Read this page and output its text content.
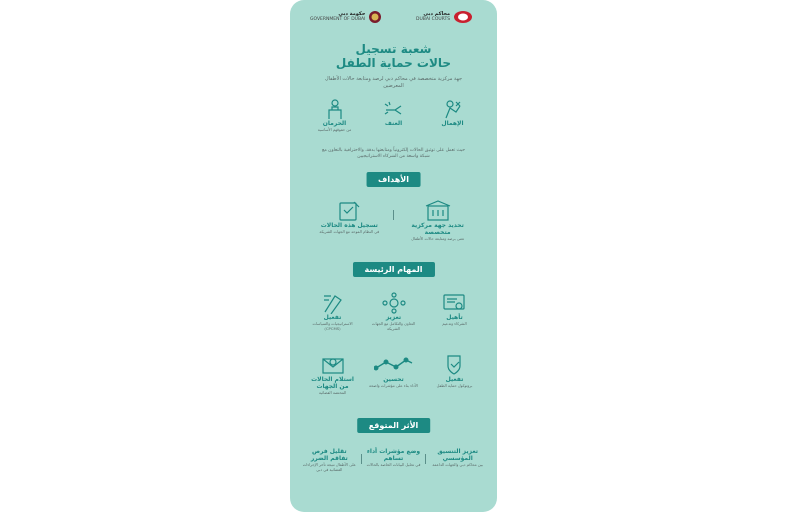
حكومة دبي
GOVERNMENT OF DUBAI
محاكم دبي
DUBAI COURTS
شعبة تسجيل
حالات حماية الطفل
جهة مركزية متخصصة في محاكم دبي لرصد ومتابعة حالات الأطفال المعرضين
الإهمال
العنف
الحرمان
من حقوقهم الأساسية
حيث تعمل على توثيق الحالات إلكترونياً ومتابعتها بدقة، والاحترافية بالتعاون مع شبكة واسعة من الشركاء الاستراتيجيين
الأهداف
تحديد جهة مركزية متخصصة
تعنى برصد ومتابعة حالات الأطفال
تسجيل هذه الحالات
في النظام الموحد مع الجهات الشريكة
المهام الرئيسة
تأهيل
الشركاء وتدعيم
تعزيز
التعاون والتكامل مع الجهات الشريكة
تفعيل
الاستراتيجيات والسياسات (CPCMS)
تفعيل
بروتوكول حماية الطفل
تحسين
الأداء بناء على مؤشرات واضحة
استلام الحالات من الجهات
المختصة القضائية
الأثر المتوقع
تعزيز التنسيق المؤسسي
بين محاكم دبي والجهات الداعمة
وضع مؤشرات أداء تساهم
في تحليل البيانات الخاصة بالحالات
تقليل فرص تفاقم الضرر
على الأطفال نتيجة تأخر الإجراءات القضائية في دبي
